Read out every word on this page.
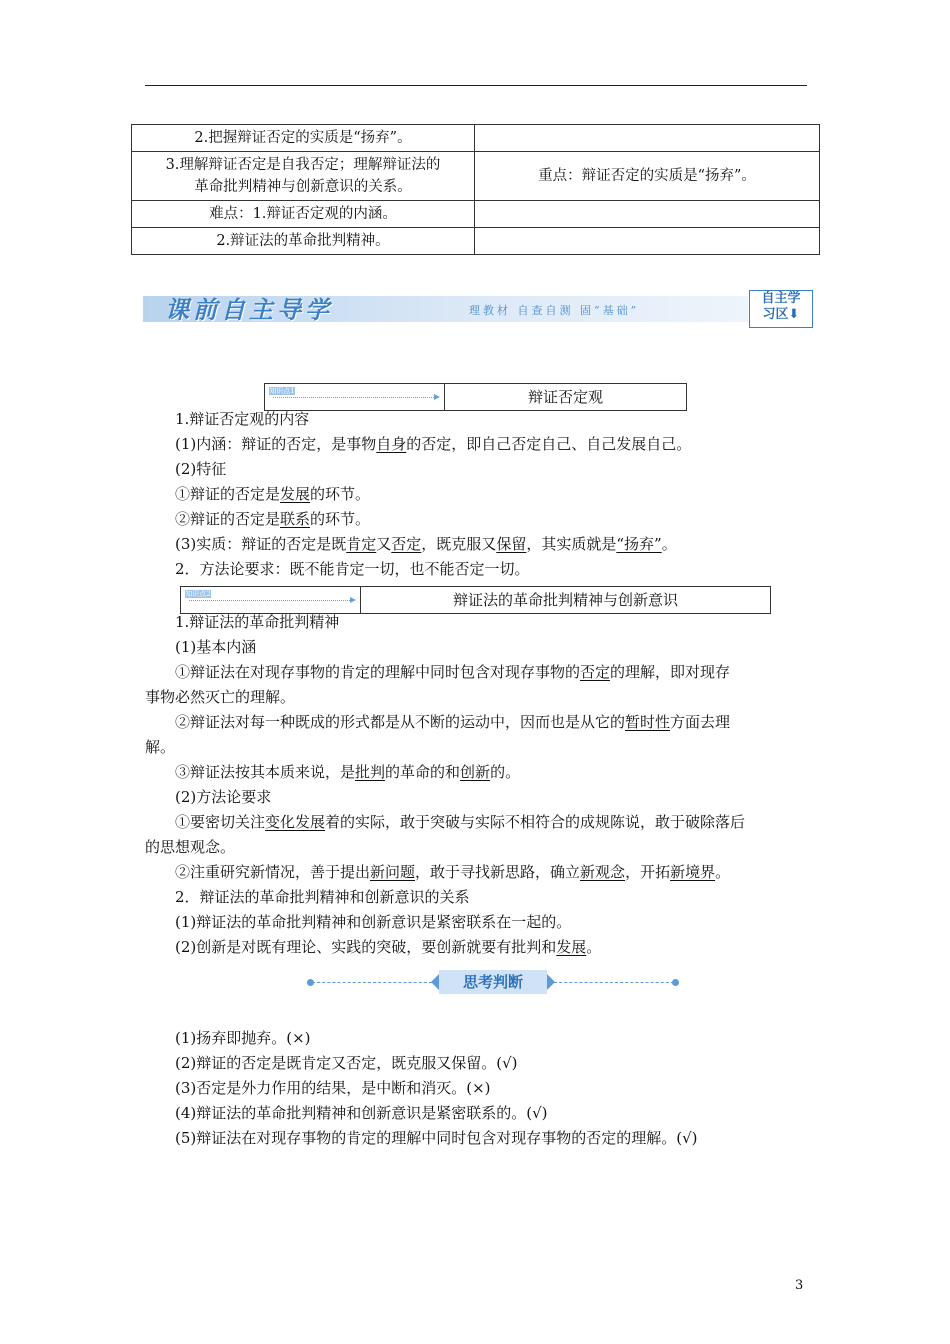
2.把握辩证否定的实质是“扬弃”。	
3.理解辩证否定是自我否定；理解辩证法的
革命批判精神与创新意识的关系。	重点：辩证否定的实质是“扬弃”。
难点：1.辩证否定观的内涵。	
2.辩证法的革命批判精神。	
课前自主导学	理教材 自查自测 固“基础”
自主学
习区⬇
知识点1	辩证否定观
1.辩证否定观的内容
(1)内涵：辩证的否定，是事物自身的否定，即自己否定自己、自己发展自己。
(2)特征
①辩证的否定是发展的环节。
②辩证的否定是联系的环节。
(3)实质：辩证的否定是既肯定又否定，既克服又保留，其实质就是“扬弃”。
2．方法论要求：既不能肯定一切，也不能否定一切。
知识点2	辩证法的革命批判精神与创新意识
1.辩证法的革命批判精神
(1)基本内涵
①辩证法在对现存事物的肯定的理解中同时包含对现存事物的否定的理解，即对现存
事物必然灭亡的理解。
②辩证法对每一种既成的形式都是从不断的运动中，因而也是从它的暂时性方面去理
解。
③辩证法按其本质来说，是批判的革命的和创新的。
(2)方法论要求
①要密切关注变化发展着的实际，敢于突破与实际不相符合的成规陈说，敢于破除落后
的思想观念。
②注重研究新情况，善于提出新问题，敢于寻找新思路，确立新观念，开拓新境界。
2．辩证法的革命批判精神和创新意识的关系
(1)辩证法的革命批判精神和创新意识是紧密联系在一起的。
(2)创新是对既有理论、实践的突破，要创新就要有批判和发展。
思考判断
(1)扬弃即抛弃。(×)
(2)辩证的否定是既肯定又否定，既克服又保留。(√)
(3)否定是外力作用的结果，是中断和消灭。(×)
(4)辩证法的革命批判精神和创新意识是紧密联系的。(√)
(5)辩证法在对现存事物的肯定的理解中同时包含对现存事物的否定的理解。(√)
3
